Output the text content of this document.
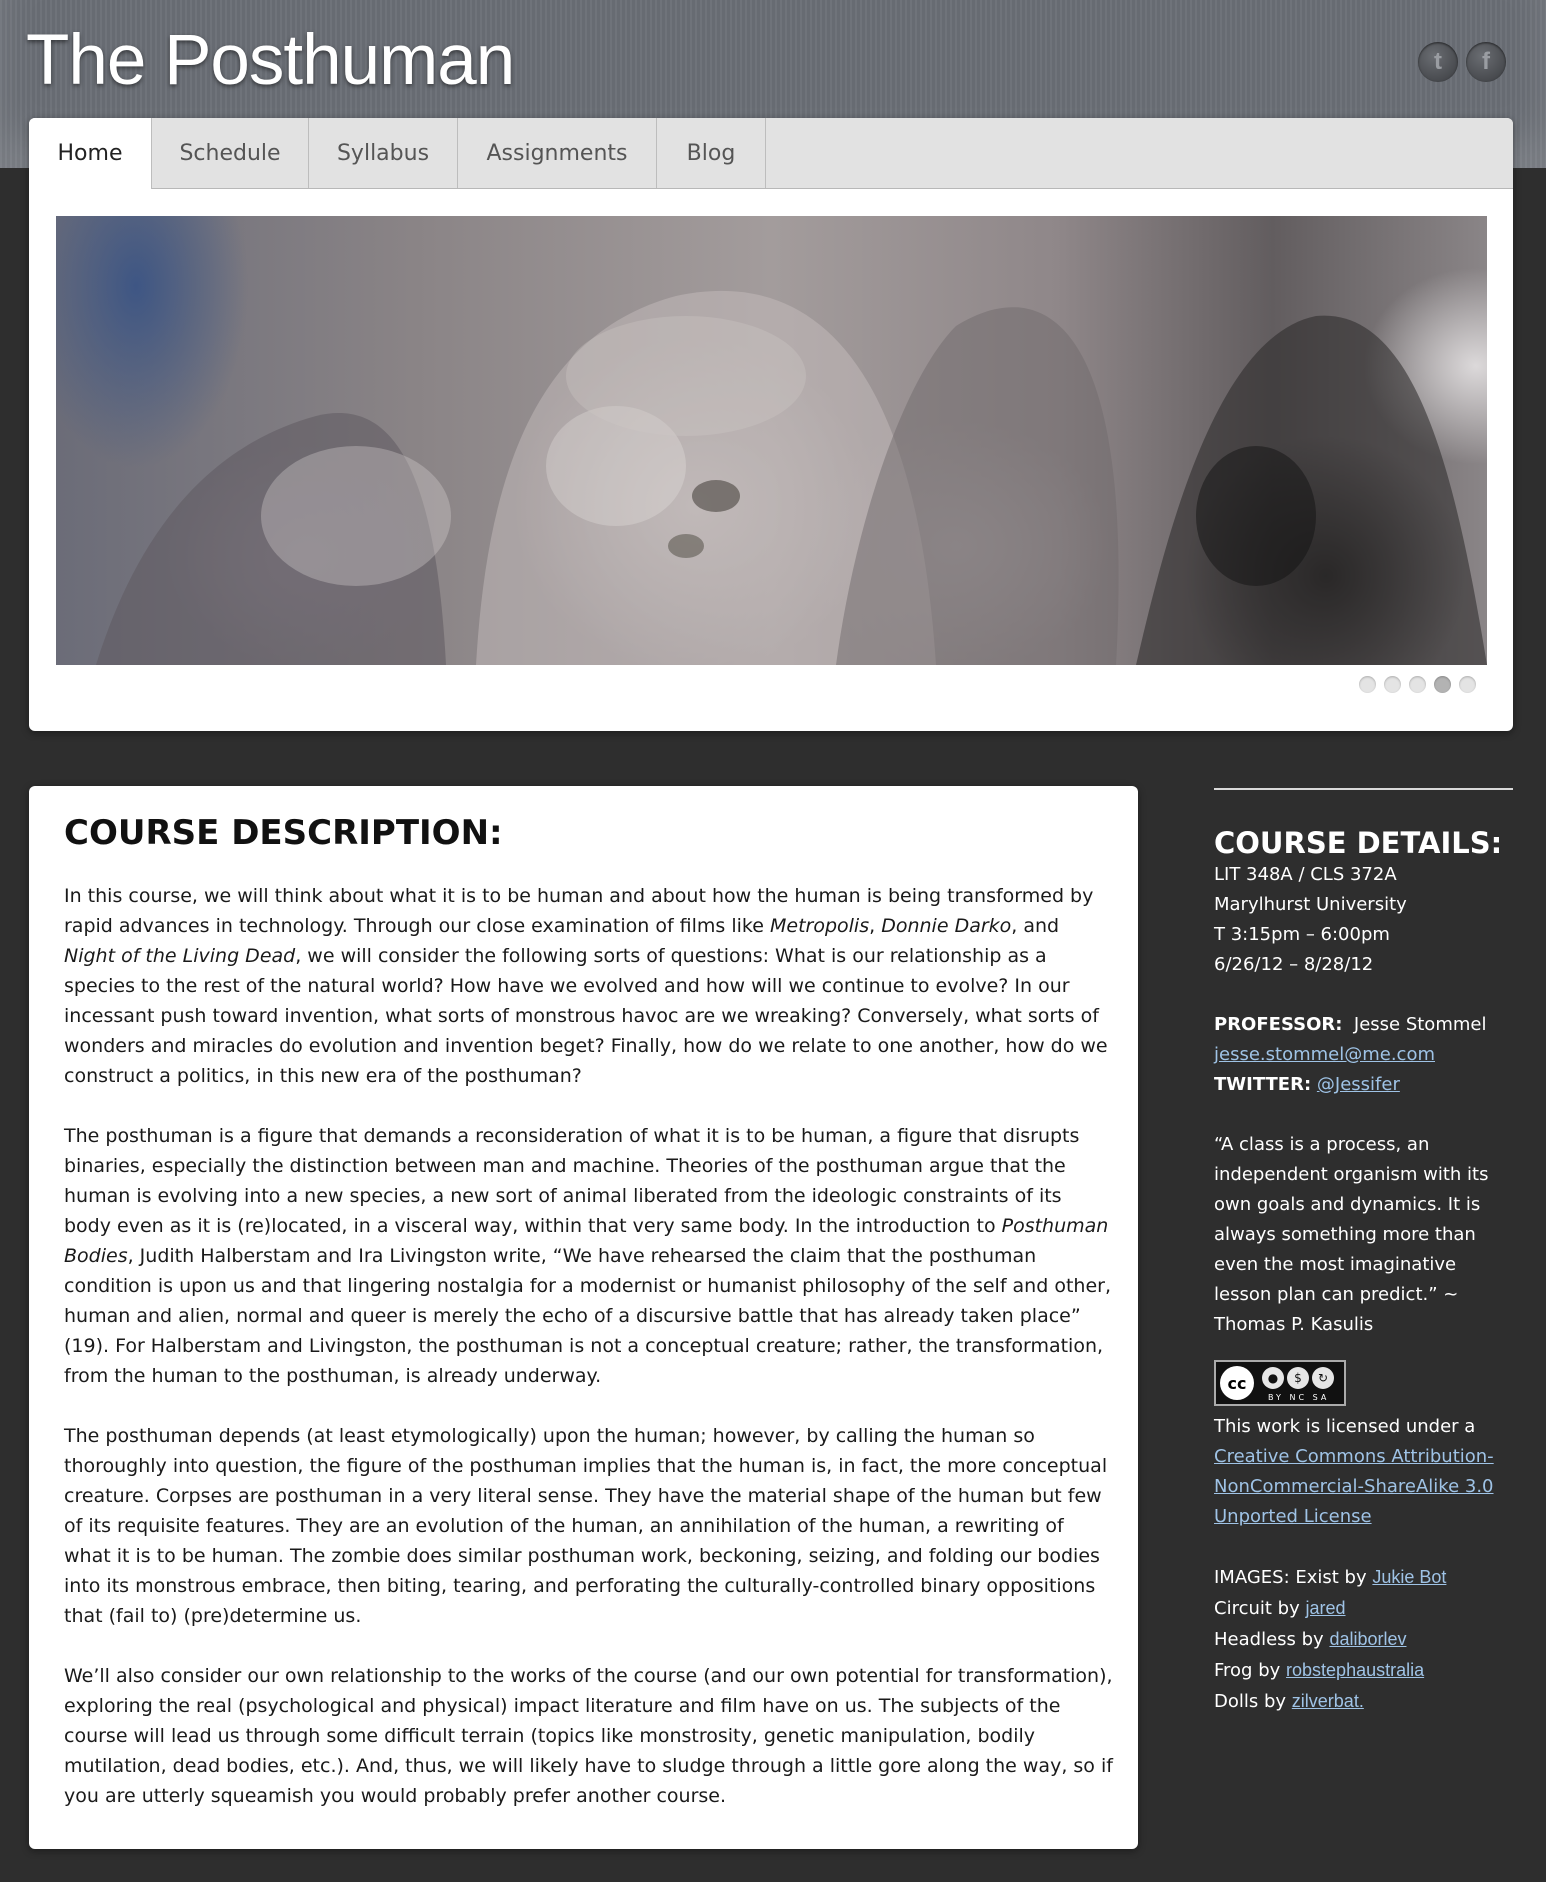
The Posthuman	t	f
Home	Schedule	Syllabus	Assignments	Blog
COURSE DESCRIPTION:

In this course, we will think about what it is to be human and about how the human is being transformed by rapid advances in technology. Through our close examination of films like Metropolis, Donnie Darko, and Night of the Living Dead, we will consider the following sorts of questions: What is our relationship as a species to the rest of the natural world? How have we evolved and how will we continue to evolve? In our incessant push toward invention, what sorts of monstrous havoc are we wreaking? Conversely, what sorts of wonders and miracles do evolution and invention beget? Finally, how do we relate to one another, how do we construct a politics, in this new era of the posthuman?

The posthuman is a figure that demands a reconsideration of what it is to be human, a figure that disrupts binaries, especially the distinction between man and machine. Theories of the posthuman argue that the human is evolving into a new species, a new sort of animal liberated from the ideologic constraints of its body even as it is (re)located, in a visceral way, within that very same body. In the introduction to Posthuman Bodies, Judith Halberstam and Ira Livingston write, “We have rehearsed the claim that the posthuman condition is upon us and that lingering nostalgia for a modernist or humanist philosophy of the self and other, human and alien, normal and queer is merely the echo of a discursive battle that has already taken place” (19). For Halberstam and Livingston, the posthuman is not a conceptual creature; rather, the transformation, from the human to the posthuman, is already underway.

The posthuman depends (at least etymologically) upon the human; however, by calling the human so thoroughly into question, the figure of the posthuman implies that the human is, in fact, the more conceptual creature. Corpses are posthuman in a very literal sense. They have the material shape of the human but few of its requisite features. They are an evolution of the human, an annihilation of the human, a rewriting of what it is to be human. The zombie does similar posthuman work, beckoning, seizing, and folding our bodies into its monstrous embrace, then biting, tearing, and perforating the culturally-controlled binary oppositions that (fail to) (pre)determine us.

We’ll also consider our own relationship to the works of the course (and our own potential for transformation), exploring the real (psychological and physical) impact literature and film have on us. The subjects of the course will lead us through some difficult terrain (topics like monstrosity, genetic manipulation, bodily mutilation, dead bodies, etc.). And, thus, we will likely have to sludge through a little gore along the way, so if you are utterly squeamish you would probably prefer another course.

COURSE DETAILS:
LIT 348A / CLS 372A
Marylhurst University
T 3:15pm – 6:00pm
6/26/12 – 8/28/12
PROFESSOR: Jesse Stommel
jesse.stommel@me.com
TWITTER: @Jessifer
“A class is a process, an independent organism with its own goals and dynamics. It is always something more than even the most imaginative lesson plan can predict.” ~ Thomas P. Kasulis
cc	●	$	↻
BY NC SA
This work is licensed under a
Creative Commons Attribution-NonCommercial-ShareAlike 3.0 Unported License
IMAGES: Exist by Jukie Bot
Circuit by jared
Headless by daliborlev
Frog by robstephaustralia
Dolls by zilverbat.
